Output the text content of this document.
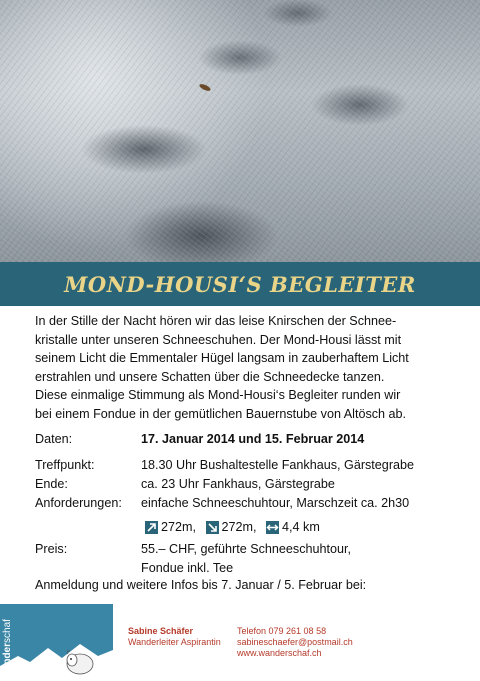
MOND-HOUSI‘S BEGLEITER
In der Stille der Nacht hören wir das leise Knirschen der Schnee-
kristalle unter unseren Schneeschuhen. Der Mond-Housi lässt mit
seinem Licht die Emmentaler Hügel langsam in zauberhaftem Licht
erstrahlen und unsere Schatten über die Schneedecke tanzen.
Diese einmalige Stimmung als Mond-Housi‘s Begleiter runden wir
bei einem Fondue in der gemütlichen Bauernstube von Altösch ab.
Daten:	17. Januar 2014 und 15. Februar 2014
Treffpunkt:	18.30 Uhr Bushaltestelle Fankhaus, Gärstegrabe
Ende:	ca. 23 Uhr Fankhaus, Gärstegrabe
Anforderungen: einfache Schneeschuhtour, Marschzeit ca. 2h30
272m,
272m,
4,4 km
Preis:	55.– CHF, geführte Schneeschuhtour,
Fondue inkl. Tee
Anmeldung und weitere Infos bis 7. Januar / 5. Februar bei:
wanderschaf	Sabine Schäfer
Wanderleiter Aspirantin
Telefon 079 261 08 58
sabineschaefer@postmail.ch
www.wanderschaf.ch
